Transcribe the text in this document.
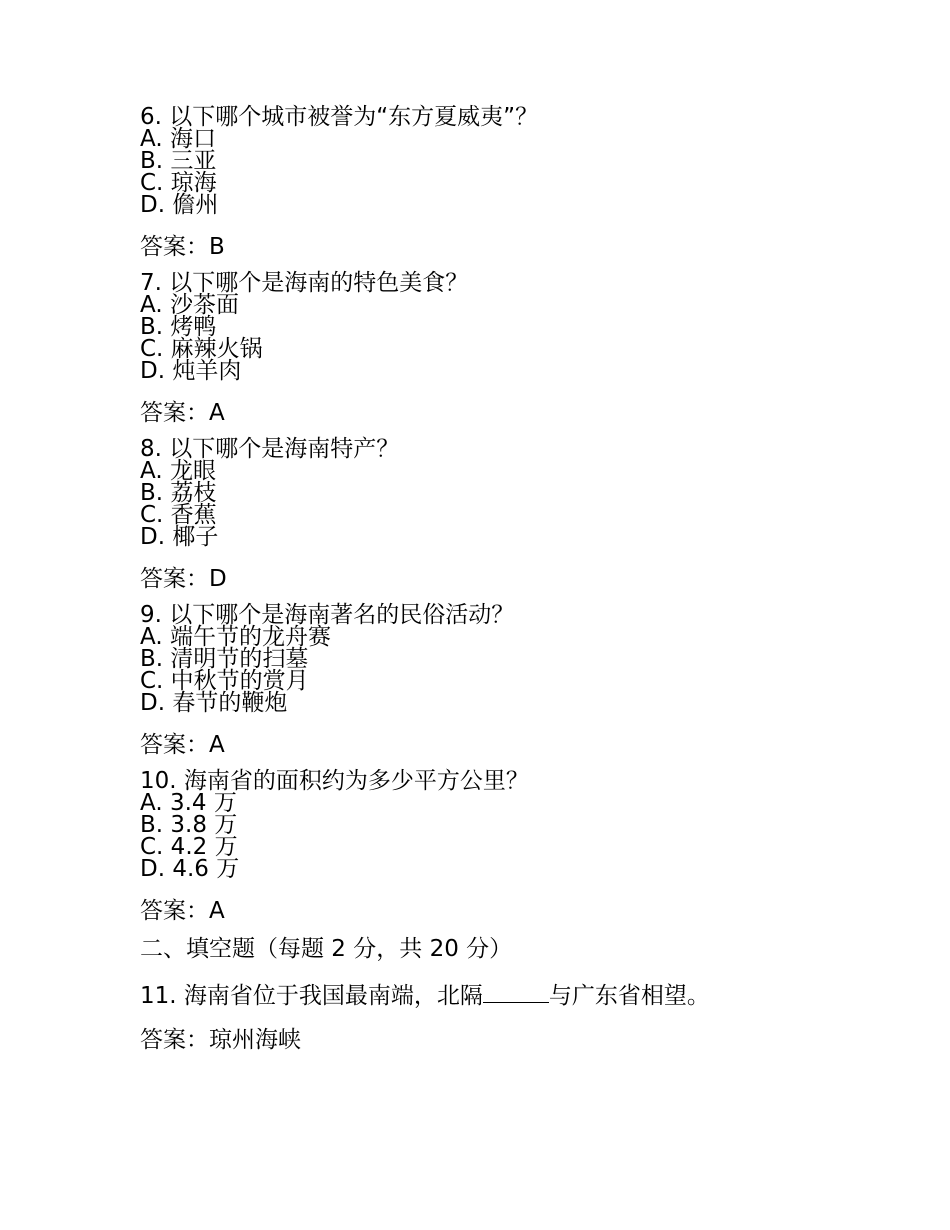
6. 以下哪个城市被誉为“东方夏威夷”？
A. 海口
B. 三亚
C. 琼海
D. 儋州
答案：B
7. 以下哪个是海南的特色美食？
A. 沙茶面
B. 烤鸭
C. 麻辣火锅
D. 炖羊肉
答案：A
8. 以下哪个是海南特产？
A. 龙眼
B. 荔枝
C. 香蕉
D. 椰子
答案：D
9. 以下哪个是海南著名的民俗活动？
A. 端午节的龙舟赛
B. 清明节的扫墓
C. 中秋节的赏月
D. 春节的鞭炮
答案：A
10. 海南省的面积约为多少平方公里？
A. 3.4 万
B. 3.8 万
C. 4.2 万
D. 4.6 万
答案：A
二、填空题（每题 2 分，共 20 分）
11. 海南省位于我国最南端，北隔	与广东省相望。
答案：琼州海峡
